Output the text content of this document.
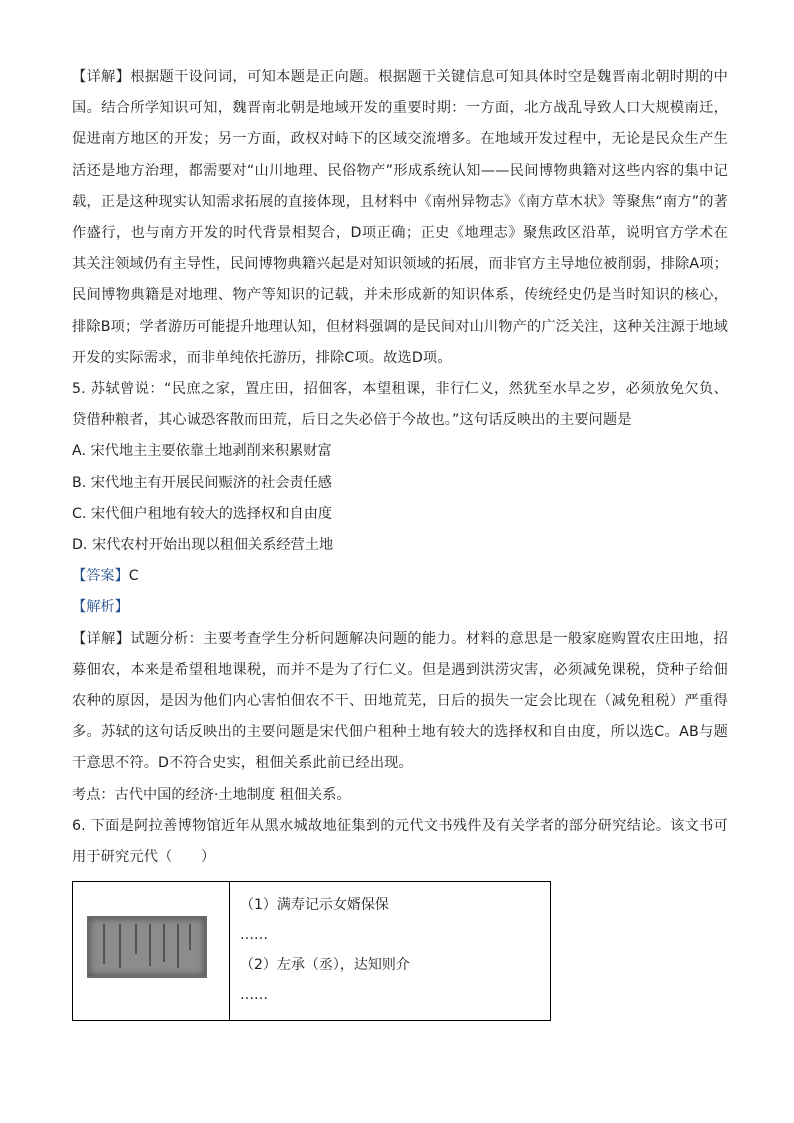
【详解】根据题干设问词，可知本题是正向题。根据题干关键信息可知具体时空是魏晋南北朝时期的中国。结合所学知识可知，魏晋南北朝是地域开发的重要时期：一方面，北方战乱导致人口大规模南迁，促进南方地区的开发；另一方面，政权对峙下的区域交流增多。在地域开发过程中，无论是民众生产生活还是地方治理，都需要对“山川地理、民俗物产”形成系统认知——民间博物典籍对这些内容的集中记载，正是这种现实认知需求拓展的直接体现，且材料中《南州异物志》《南方草木状》等聚焦“南方”的著作盛行，也与南方开发的时代背景相契合，D项正确；正史《地理志》聚焦政区沿革，说明官方学术在其关注领域仍有主导性，民间博物典籍兴起是对知识领域的拓展，而非官方主导地位被削弱，排除A项；民间博物典籍是对地理、物产等知识的记载，并未形成新的知识体系，传统经史仍是当时知识的核心，排除B项；学者游历可能提升地理认知，但材料强调的是民间对山川物产的广泛关注，这种关注源于地域开发的实际需求，而非单纯依托游历，排除C项。故选D项。

5. 苏轼曾说：“民庶之家，置庄田，招佃客，本望租课，非行仁义，然犹至水旱之岁，必须放免欠负、贷借种粮者，其心诚恐客散而田荒，后日之失必倍于今故也。”这句话反映出的主要问题是

A. 宋代地主主要依靠土地剥削来积累财富

B. 宋代地主有开展民间赈济的社会责任感

C. 宋代佃户租地有较大的选择权和自由度

D. 宋代农村开始出现以租佃关系经营土地

【答案】C

【解析】

【详解】试题分析：主要考查学生分析问题解决问题的能力。材料的意思是一般家庭购置农庄田地，招募佃农，本来是希望租地课税，而并不是为了行仁义。但是遇到洪涝灾害，必须减免课税，贷种子给佃农种的原因，是因为他们内心害怕佃农不干、田地荒芜，日后的损失一定会比现在（减免租税）严重得多。苏轼的这句话反映出的主要问题是宋代佃户租种土地有较大的选择权和自由度，所以选C。AB与题干意思不符。D不符合史实，租佃关系此前已经出现。

考点：古代中国的经济·土地制度 租佃关系。

6. 下面是阿拉善博物馆近年从黑水城故地征集到的元代文书残件及有关学者的部分研究结论。该文书可用于研究元代（　　）

（1）满寿记示女婿保保

……

（2）左承（丞），达知则介

……
